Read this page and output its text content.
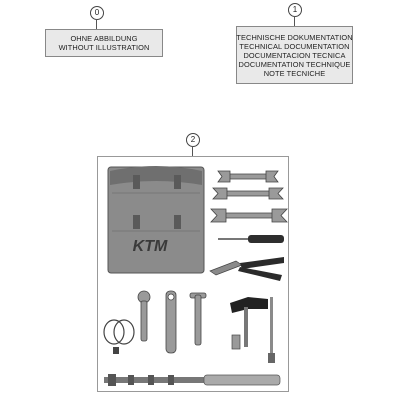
0
OHNE ABBILDUNG
WITHOUT ILLUSTRATION
1
TECHNISCHE DOKUMENTATION
TECHNICAL DOCUMENTATION
DOCUMENTACION TECNICA
DOCUMENTATION TECHNIQUE
NOTE TECNICHE
2
KTM
